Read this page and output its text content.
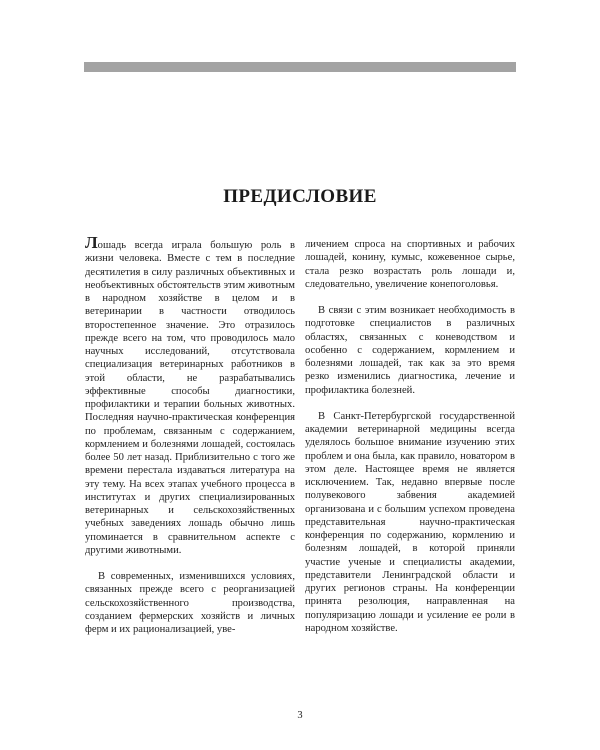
ПРЕДИСЛОВИЕ

Лошадь всегда играла большую роль в жизни человека. Вместе с тем в последние десятилетия в силу различных объективных и необъективных обстоятельств этим животным в народном хозяйстве в целом и в ветеринарии в частности отводилось второстепенное значение. Это отразилось прежде всего на том, что проводилось мало научных исследований, отсутствовала специализация ветеринарных работников в этой области, не разрабатывались эффективные способы диагностики, профилактики и терапии больных животных. Последняя научно-практическая конференция по проблемам, связанным с содержанием, кормлением и болезнями лошадей, состоялась более 50 лет назад. Приблизительно с того же времени перестала издаваться литература на эту тему. На всех этапах учебного процесса в институтах и других специализированных ветеринарных и сельскохозяйственных учебных заведениях лошадь обычно лишь упоминается в сравнительном аспекте с другими животными.

В современных, изменившихся условиях, связанных прежде всего с реорганизацией сельскохозяйственного производства, созданием фермерских хозяйств и личных ферм и их рационализацией, уве-

личением спроса на спортивных и рабочих лошадей, конину, кумыс, кожевенное сырье, стала резко возрастать роль лошади и, следовательно, увеличение конепоголовья.

В связи с этим возникает необходимость в подготовке специалистов в различных областях, связанных с коневодством и особенно с содержанием, кормлением и болезнями лошадей, так как за это время резко изменились диагностика, лечение и профилактика болезней.

В Санкт-Петербургской государственной академии ветеринарной медицины всегда уделялось большое внимание изучению этих проблем и она была, как правило, новатором в этом деле. Настоящее время не является исключением. Так, недавно впервые после полувекового забвения академией организована и с большим успехом проведена представительная научно-практическая конференция по содержанию, кормлению и болезням лошадей, в которой приняли участие ученые и специалисты академии, представители Ленинградской области и других регионов страны. На конференции принята резолюция, направленная на популяризацию лошади и усиление ее роли в народном хозяйстве.

3
